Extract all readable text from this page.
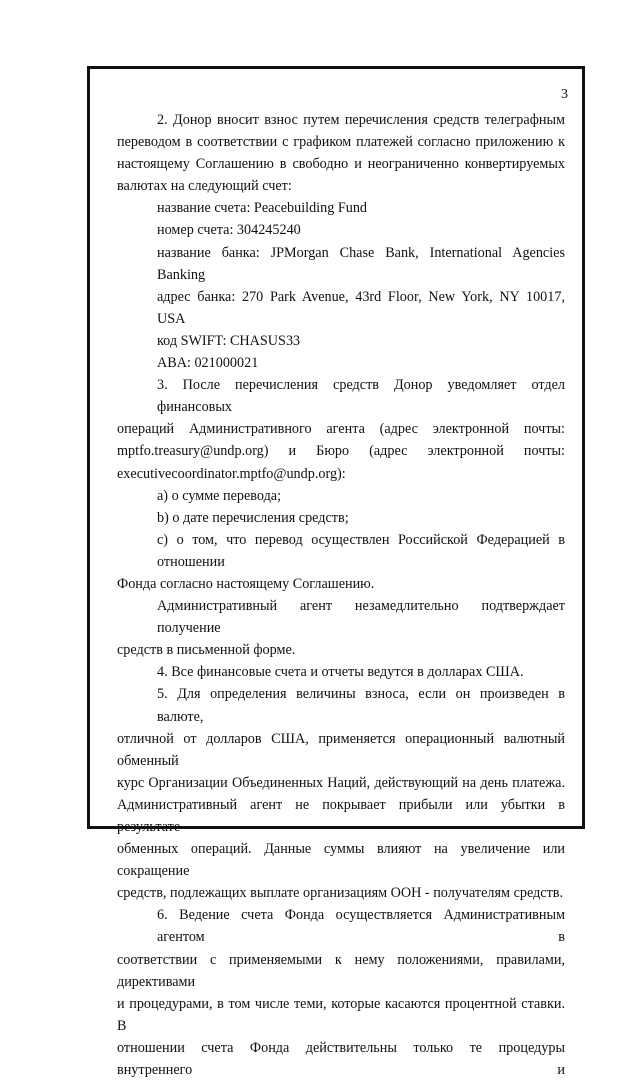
3
2. Донор вносит взнос путем перечисления средств телеграфным
переводом в соответствии с графиком платежей согласно приложению к
настоящему Соглашению в свободно и неограниченно конвертируемых
валютах на следующий счет:
название счета: Peacebuilding Fund
номер счета: 304245240
название банка: JPMorgan Chase Bank, International Agencies Banking
адрес банка: 270 Park Avenue, 43rd Floor, New York, NY 10017, USA
код SWIFT: CHASUS33
ABA: 021000021
3. После перечисления средств Донор уведомляет отдел финансовых
операций Административного агента (адрес электронной почты:
mptfo.treasury@undp.org) и Бюро (адрес электронной почты:
executivecoordinator.mptfo@undp.org):
а) о сумме перевода;
b) о дате перечисления средств;
с) о том, что перевод осуществлен Российской Федерацией в отношении
Фонда согласно настоящему Соглашению.
Административный агент незамедлительно подтверждает получение
средств в письменной форме.
4. Все финансовые счета и отчеты ведутся в долларах США.
5. Для определения величины взноса, если он произведен в валюте,
отличной от долларов США, применяется операционный валютный обменный
курс Организации Объединенных Наций, действующий на день платежа.
Административный агент не покрывает прибыли или убытки в результате
обменных операций. Данные суммы влияют на увеличение или сокращение
средств, подлежащих выплате организациям ООН - получателям средств.
6. Ведение счета Фонда осуществляется Административным агентом в
соответствии с применяемыми к нему положениями, правилами, директивами
и процедурами, в том числе теми, которые касаются процентной ставки. В
отношении счета Фонда действительны только те процедуры внутреннего и
